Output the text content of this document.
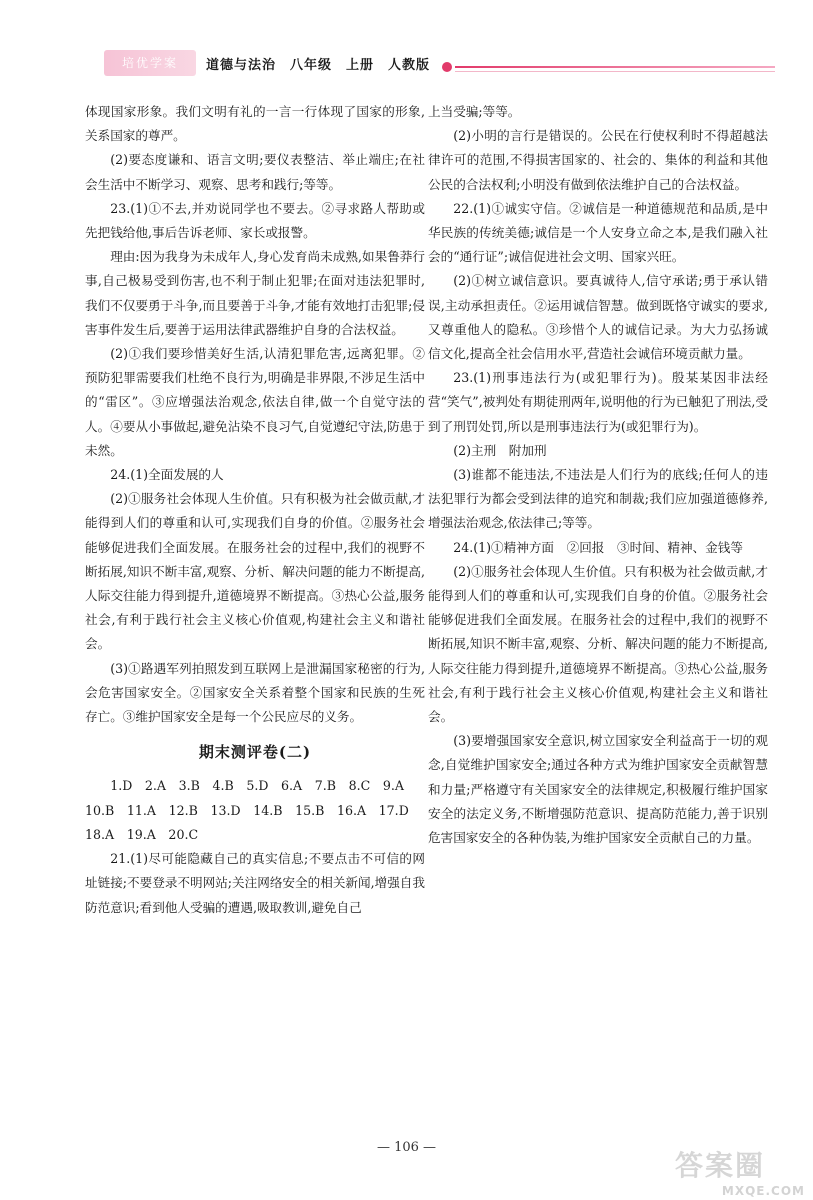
培优学案	道德与法治　八年级　上册　人教版

体现国家形象。我们文明有礼的一言一行体现了国家的形象,关系国家的尊严。

(2)要态度谦和、语言文明;要仪表整洁、举止端庄;在社会生活中不断学习、观察、思考和践行;等等。

23.(1)①不去,并劝说同学也不要去。②寻求路人帮助或先把钱给他,事后告诉老师、家长或报警。

理由:因为我身为未成年人,身心发育尚未成熟,如果鲁莽行事,自己极易受到伤害,也不利于制止犯罪;在面对违法犯罪时,我们不仅要勇于斗争,而且要善于斗争,才能有效地打击犯罪;侵害事件发生后,要善于运用法律武器维护自身的合法权益。

(2)①我们要珍惜美好生活,认清犯罪危害,远离犯罪。②预防犯罪需要我们杜绝不良行为,明确是非界限,不涉足生活中的“雷区”。③应增强法治观念,依法自律,做一个自觉守法的人。④要从小事做起,避免沾染不良习气,自觉遵纪守法,防患于未然。

24.(1)全面发展的人

(2)①服务社会体现人生价值。只有积极为社会做贡献,才能得到人们的尊重和认可,实现我们自身的价值。②服务社会能够促进我们全面发展。在服务社会的过程中,我们的视野不断拓展,知识不断丰富,观察、分析、解决问题的能力不断提高,人际交往能力得到提升,道德境界不断提高。③热心公益,服务社会,有利于践行社会主义核心价值观,构建社会主义和谐社会。

(3)①路遇军列拍照发到互联网上是泄漏国家秘密的行为,会危害国家安全。②国家安全关系着整个国家和民族的生死存亡。③维护国家安全是每一个公民应尽的义务。

期末测评卷(二)

1.D　2.A　3.B　4.B　5.D　6.A　7.B　8.C　9.A

10.B　11.A　12.B　13.D　14.B　15.B　16.A　17.D

18.A　19.A　20.C

21.(1)尽可能隐藏自己的真实信息;不要点击不可信的网址链接;不要登录不明网站;关注网络安全的相关新闻,增强自我防范意识;看到他人受骗的遭遇,吸取教训,避免自己

上当受骗;等等。

(2)小明的言行是错误的。公民在行使权利时不得超越法律许可的范围,不得损害国家的、社会的、集体的利益和其他公民的合法权利;小明没有做到依法维护自己的合法权益。

22.(1)①诚实守信。②诚信是一种道德规范和品质,是中华民族的传统美德;诚信是一个人安身立命之本,是我们融入社会的“通行证”;诚信促进社会文明、国家兴旺。

(2)①树立诚信意识。要真诚待人,信守承诺;勇于承认错误,主动承担责任。②运用诚信智慧。做到既恪守诚实的要求,又尊重他人的隐私。③珍惜个人的诚信记录。为大力弘扬诚信文化,提高全社会信用水平,营造社会诚信环境贡献力量。

23.(1)刑事违法行为(或犯罪行为)。殷某某因非法经营“笑气”,被判处有期徒刑两年,说明他的行为已触犯了刑法,受到了刑罚处罚,所以是刑事违法行为(或犯罪行为)。

(2)主刑　附加刑

(3)谁都不能违法,不违法是人们行为的底线;任何人的违法犯罪行为都会受到法律的追究和制裁;我们应加强道德修养,增强法治观念,依法律己;等等。

24.(1)①精神方面　②回报　③时间、精神、金钱等

(2)①服务社会体现人生价值。只有积极为社会做贡献,才能得到人们的尊重和认可,实现我们自身的价值。②服务社会能够促进我们全面发展。在服务社会的过程中,我们的视野不断拓展,知识不断丰富,观察、分析、解决问题的能力不断提高,人际交往能力得到提升,道德境界不断提高。③热心公益,服务社会,有利于践行社会主义核心价值观,构建社会主义和谐社会。

(3)要增强国家安全意识,树立国家安全利益高于一切的观念,自觉维护国家安全;通过各种方式为维护国家安全贡献智慧和力量;严格遵守有关国家安全的法律规定,积极履行维护国家安全的法定义务,不断增强防范意识、提高防范能力,善于识别危害国家安全的各种伪装,为维护国家安全贡献自己的力量。

— 106 —
答案圈
MXQE.COM
